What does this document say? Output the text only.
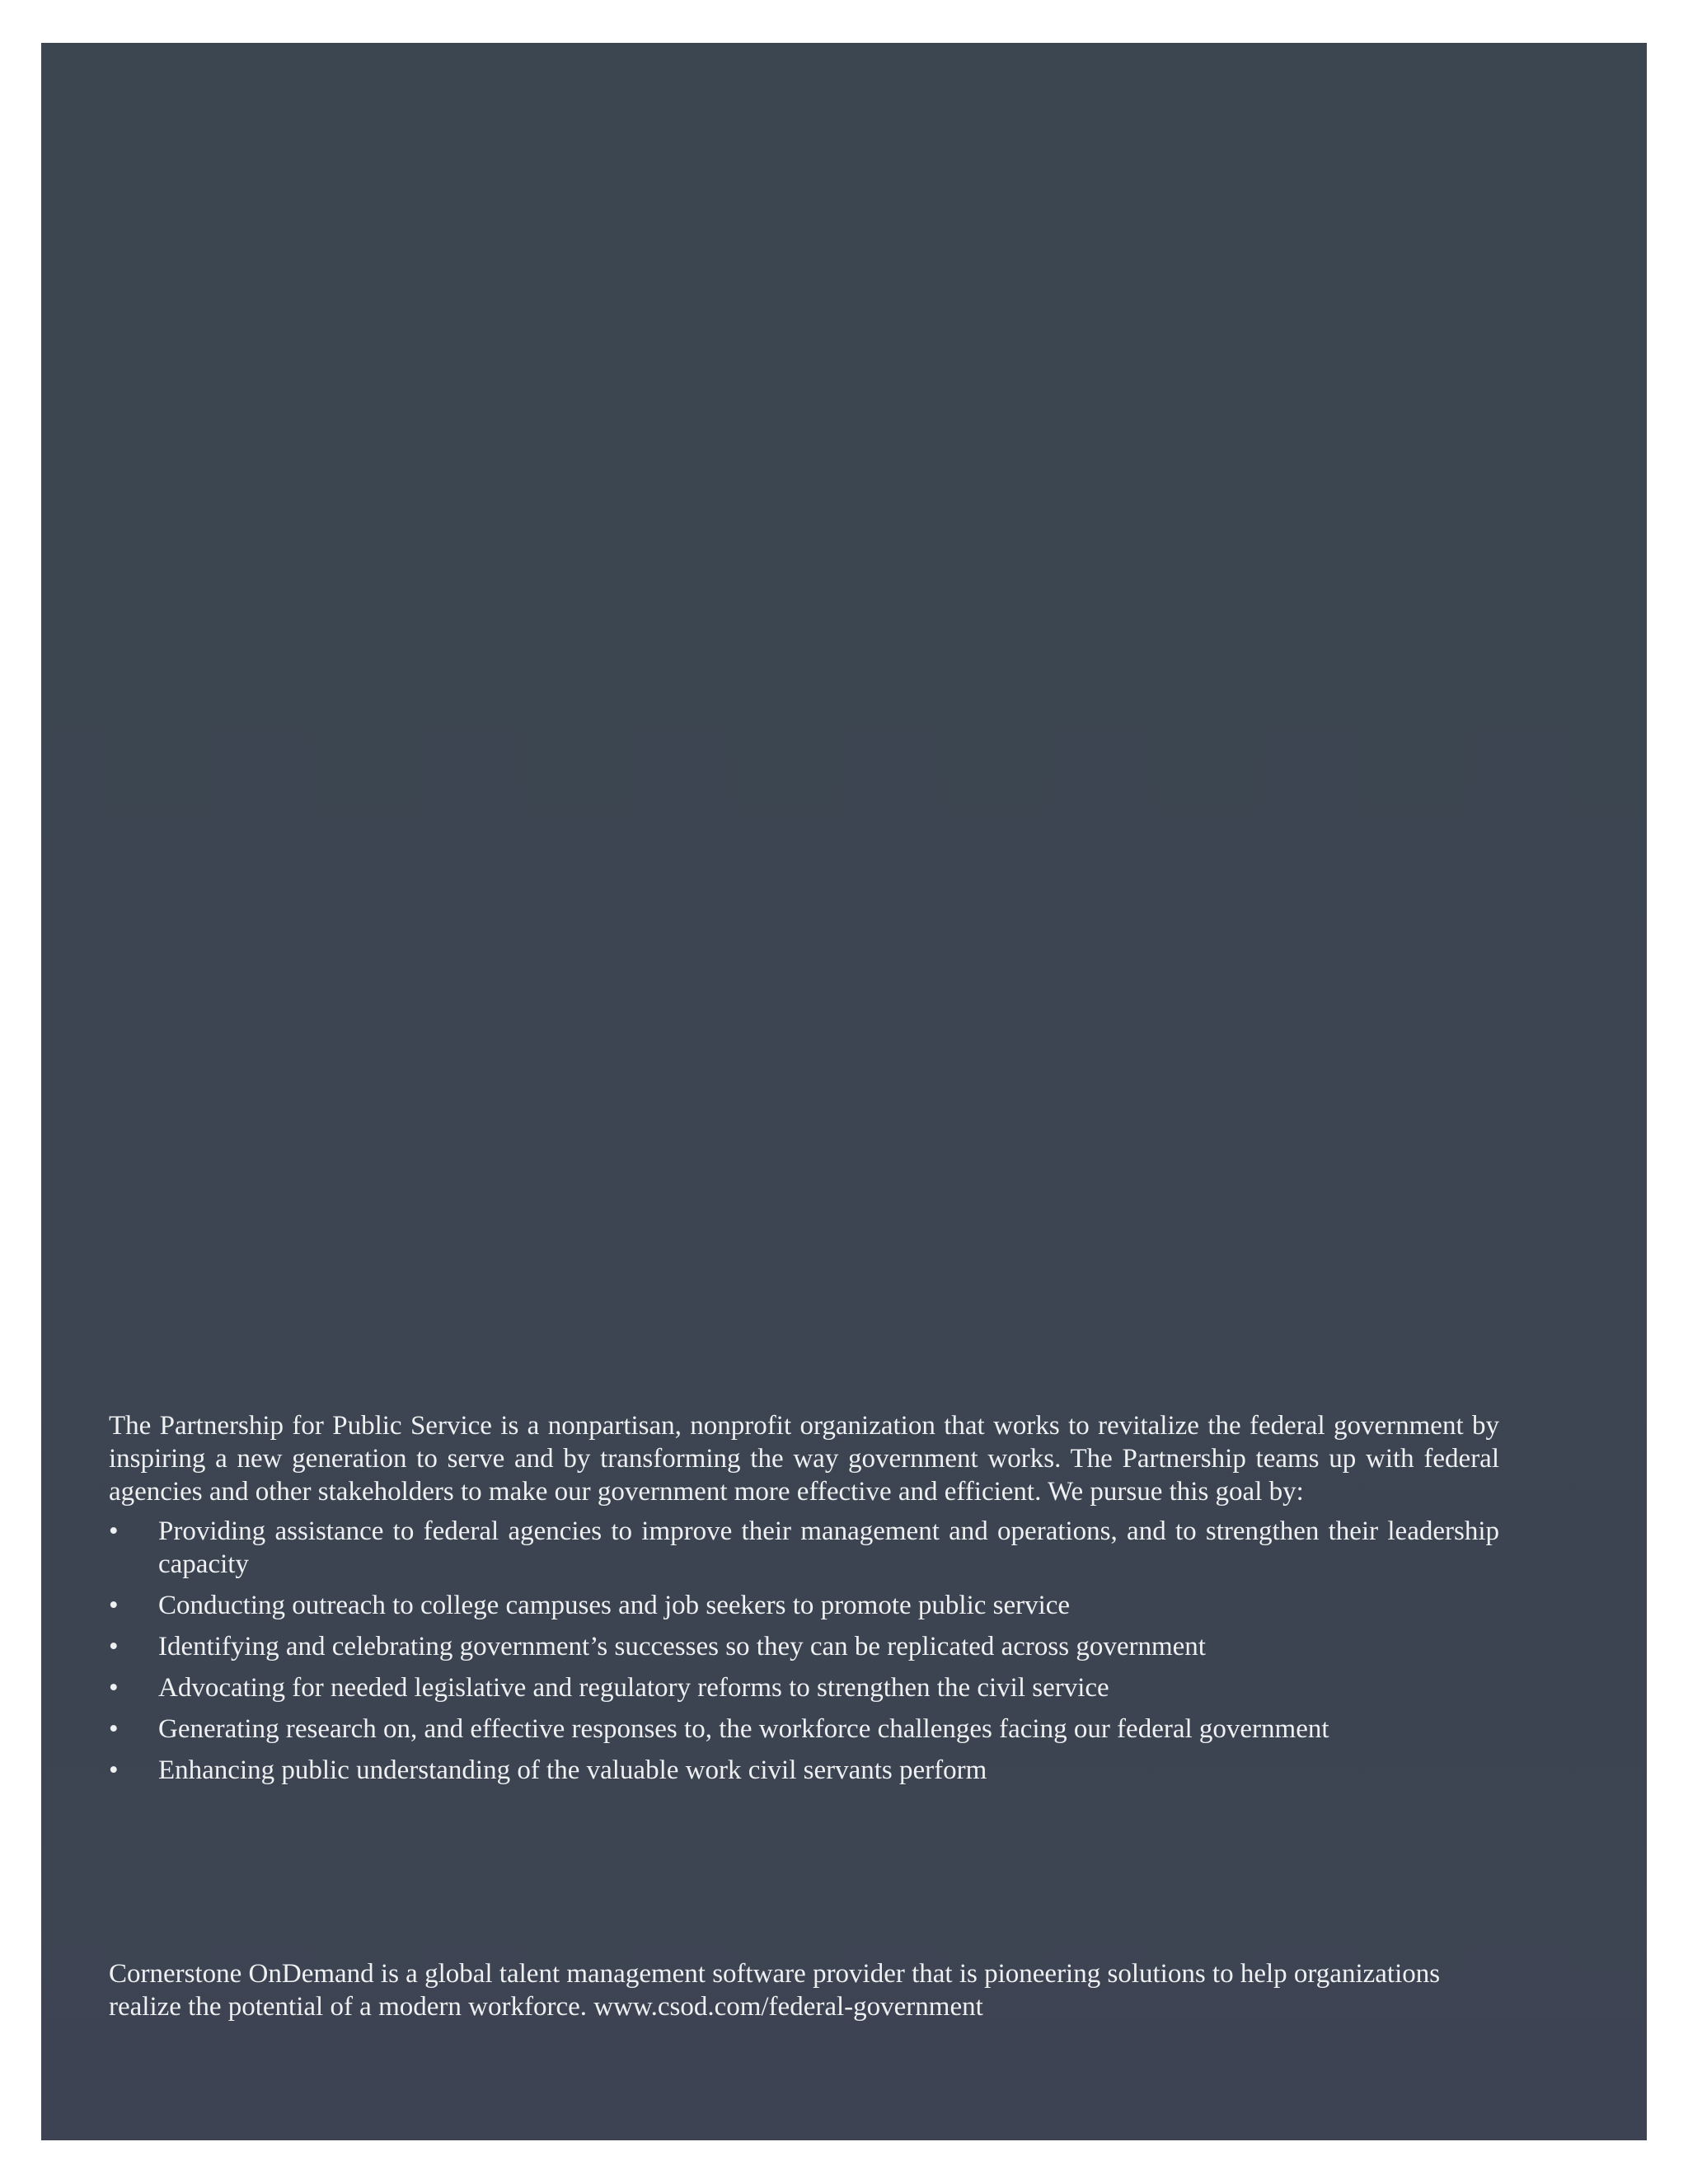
The Partnership for Public Service is a nonpartisan, nonprofit organization that works to revitalize the federal government by inspiring a new generation to serve and by transforming the way government works. The Partnership teams up with federal agencies and other stakeholders to make our government more effective and efficient. We pursue this goal by:

•	Providing assistance to federal agencies to improve their management and operations, and to strengthen their leadership capacity
•	Conducting outreach to college campuses and job seekers to promote public service
•	Identifying and celebrating government’s successes so they can be replicated across government
•	Advocating for needed legislative and regulatory reforms to strengthen the civil service
•	Generating research on, and effective responses to, the workforce challenges facing our federal government
•	Enhancing public understanding of the valuable work civil servants perform

Cornerstone OnDemand is a global talent management software provider that is pioneering solutions to help organizations realize the potential of a modern workforce. www.csod.com/federal-government
